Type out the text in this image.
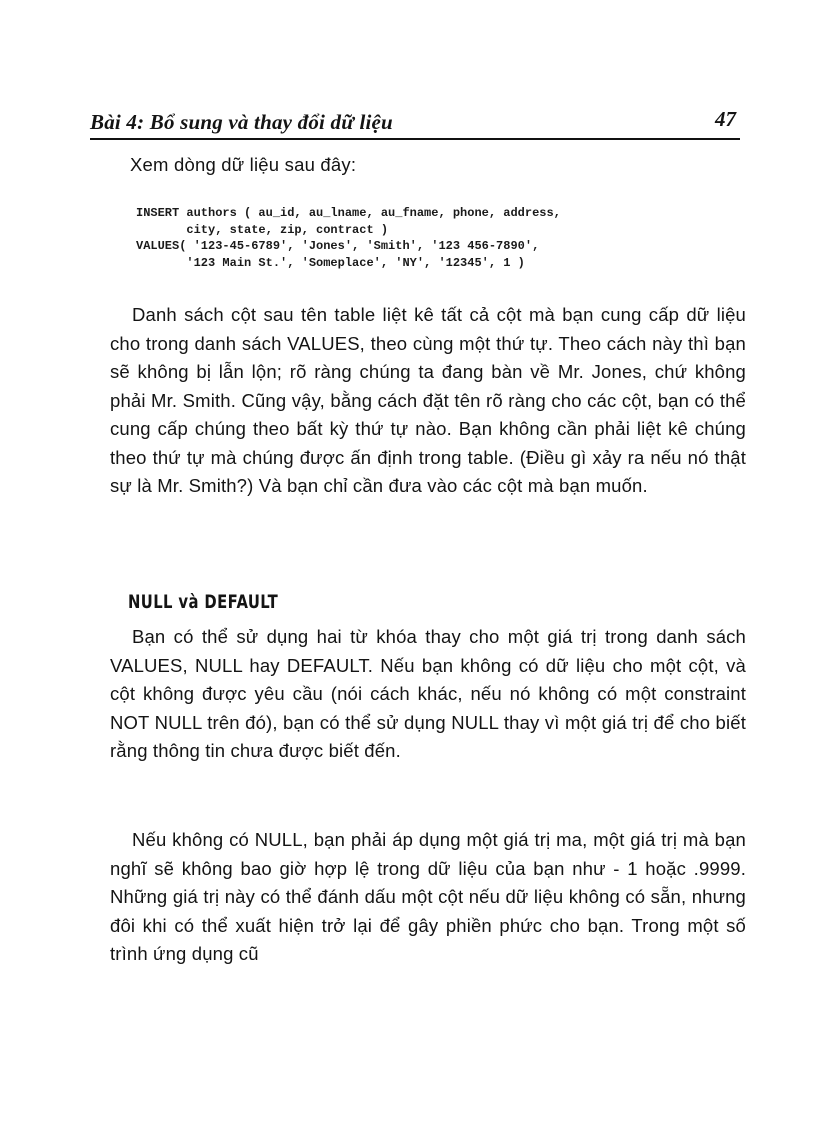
Bài 4: Bổ sung và thay đổi dữ liệu	47

Xem dòng dữ liệu sau đây:

INSERT authors ( au_id, au_lname, au_fname, phone, address,
city, state, zip, contract )
VALUES( '123-45-6789', 'Jones', 'Smith', '123 456-7890',
'123 Main St.', 'Someplace', 'NY', '12345', 1 )

Danh sách cột sau tên table liệt kê tất cả cột mà bạn cung cấp dữ liệu cho trong danh sách VALUES, theo cùng một thứ tự. Theo cách này thì bạn sẽ không bị lẫn lộn; rõ ràng chúng ta đang bàn về Mr. Jones, chứ không phải Mr. Smith. Cũng vậy, bằng cách đặt tên rõ ràng cho các cột, bạn có thể cung cấp chúng theo bất kỳ thứ tự nào. Bạn không cần phải liệt kê chúng theo thứ tự mà chúng được ấn định trong table. (Điều gì xảy ra nếu nó thật sự là Mr. Smith?) Và bạn chỉ cần đưa vào các cột mà bạn muốn.

NULL và DEFAULT

Bạn có thể sử dụng hai từ khóa thay cho một giá trị trong danh sách VALUES, NULL hay DEFAULT. Nếu bạn không có dữ liệu cho một cột, và cột không được yêu cầu (nói cách khác, nếu nó không có một constraint NOT NULL trên đó), bạn có thể sử dụng NULL thay vì một giá trị để cho biết rằng thông tin chưa được biết đến.

Nếu không có NULL, bạn phải áp dụng một giá trị ma, một giá trị mà bạn nghĩ sẽ không bao giờ hợp lệ trong dữ liệu của bạn như - 1 hoặc .9999. Những giá trị này có thể đánh dấu một cột nếu dữ liệu không có sẵn, nhưng đôi khi có thể xuất hiện trở lại để gây phiền phức cho bạn. Trong một số trình ứng dụng cũ
